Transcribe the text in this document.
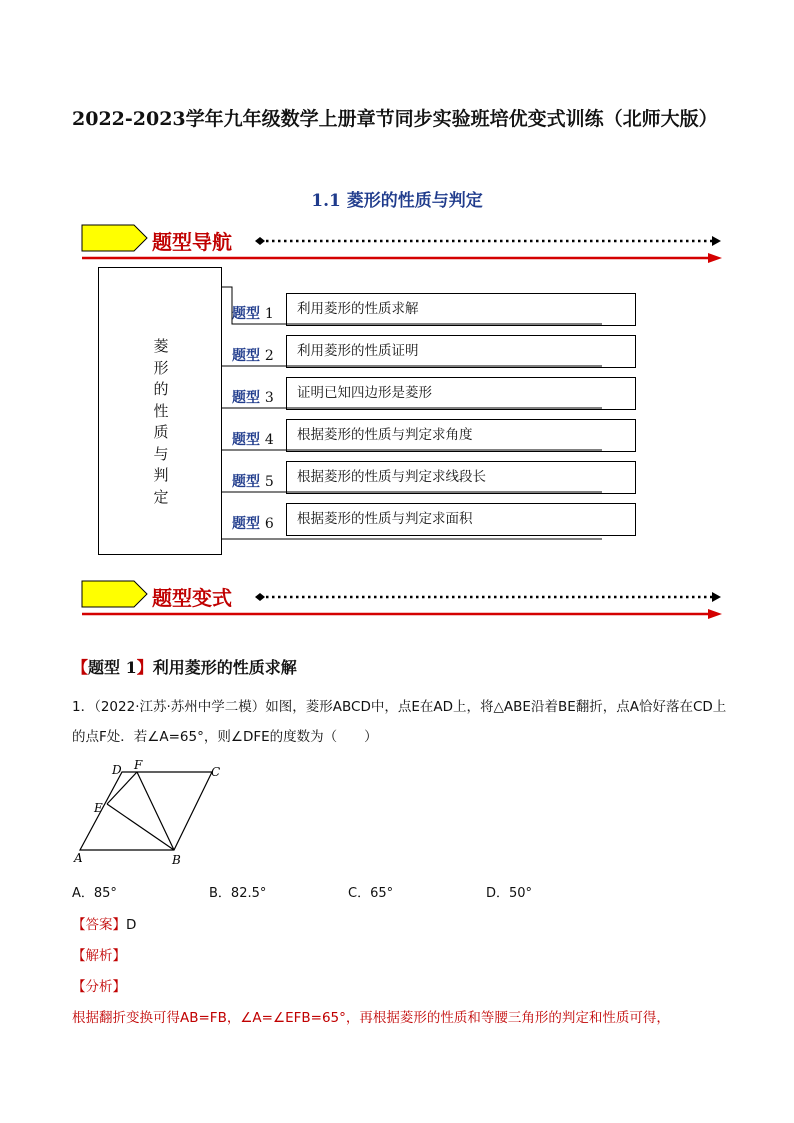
2022-2023学年九年级数学上册章节同步实验班培优变式训练（北师大版）
1.1 菱形的性质与判定
题型导航
菱
形
的
性
质
与
判
定
题型 1	利用菱形的性质求解
题型 2	利用菱形的性质证明
题型 3	证明已知四边形是菱形
题型 4	根据菱形的性质与判定求角度
题型 5	根据菱形的性质与判定求线段长
题型 6	根据菱形的性质与判定求面积
题型变式
【题型 1】利用菱形的性质求解
1．（2022·江苏·苏州中学二模）如图，菱形ABCD中，点E在AD上，将△ABE沿着BE翻折，点A恰好落在CD上的点F处．若∠A=65°，则∠DFE的度数为（　　）
A	B
C
D
E
F
A．85°	B．82.5°	C．65°	D．50°
【答案】D
【解析】
【分析】
根据翻折变换可得AB=FB，∠A=∠EFB=65°，再根据菱形的性质和等腰三角形的判定和性质可得，
